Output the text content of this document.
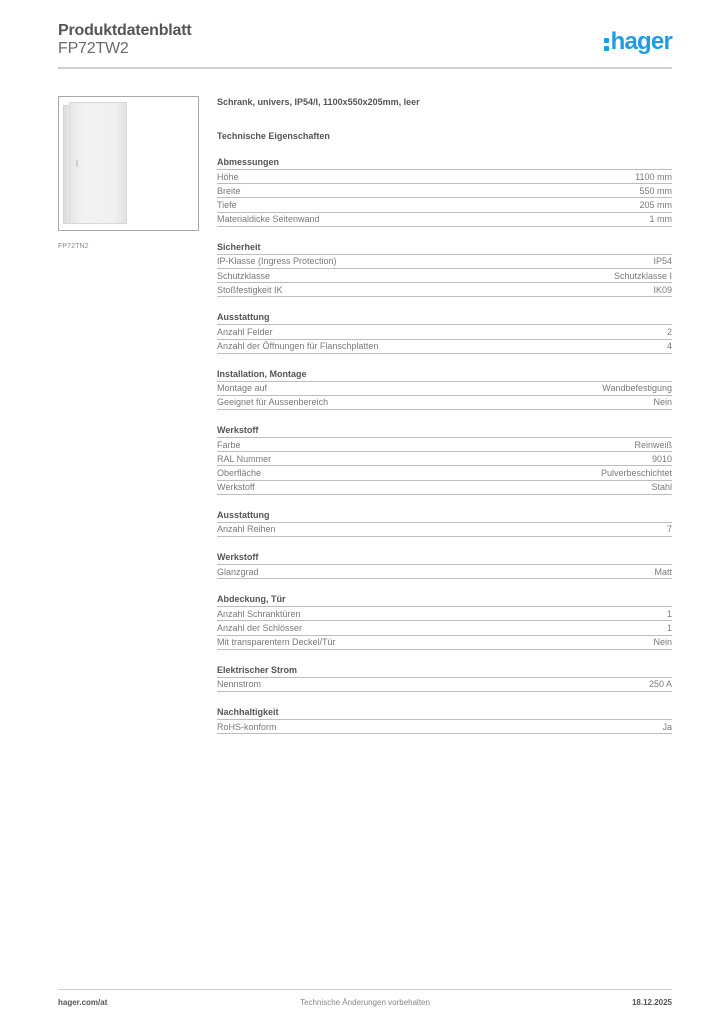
Produktdatenblatt
FP72TW2	hager
FP72TN2
Schrank, univers, IP54/I, 1100x550x205mm, leer
Technische Eigenschaften
Abmessungen
Höhe	1100 mm
Breite	550 mm
Tiefe	205 mm
Materialdicke Seitenwand	1 mm
Sicherheit
IP-Klasse (Ingress Protection)	IP54
Schutzklasse	Schutzklasse I
Stoßfestigkeit IK	IK09
Ausstattung
Anzahl Felder	2
Anzahl der Öffnungen für Flanschplatten	4
Installation, Montage
Montage auf	Wandbefestigung
Geeignet für Aussenbereich	Nein
Werkstoff
Farbe	Reinweiß
RAL Nummer	9010
Oberfläche	Pulverbeschichtet
Werkstoff	Stahl
Ausstattung
Anzahl Reihen	7
Werkstoff
Glanzgrad	Matt
Abdeckung, Tür
Anzahl Schranktüren	1
Anzahl der Schlösser	1
Mit transparentem Deckel/Tür	Nein
Elektrischer Strom
Nennstrom	250 A
Nachhaltigkeit
RoHS-konform	Ja
hager.com/at	Technische Änderungen vorbehalten	18.12.2025
